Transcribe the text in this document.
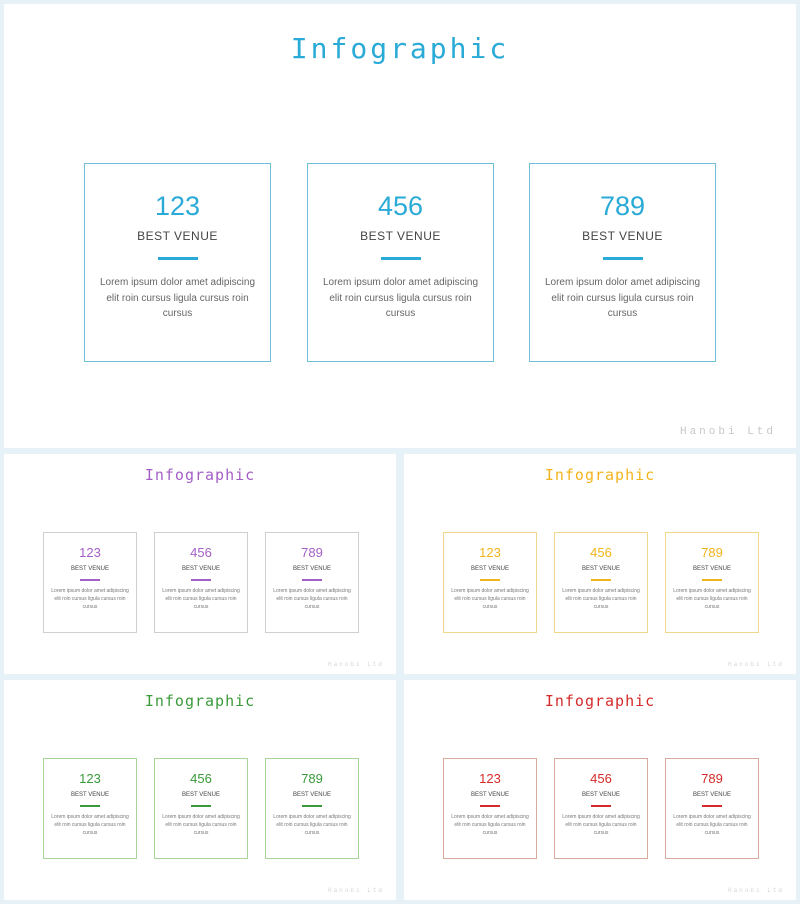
Infographic
123
BEST VENUE
Lorem ipsum dolor amet adipiscing elit roin cursus ligula cursus roin cursus
456
BEST VENUE
Lorem ipsum dolor amet adipiscing elit roin cursus ligula cursus roin cursus
789
BEST VENUE
Lorem ipsum dolor amet adipiscing elit roin cursus ligula cursus roin cursus
Hanobi Ltd
Infographic
123
BEST VENUE
Lorem ipsum dolor amet adipiscing elit roin cursus ligula cursus roin cursus
456
BEST VENUE
Lorem ipsum dolor amet adipiscing elit roin cursus ligula cursus roin cursus
789
BEST VENUE
Lorem ipsum dolor amet adipiscing elit roin cursus ligula cursus roin cursus
Hanobi Ltd
Infographic
123
BEST VENUE
Lorem ipsum dolor amet adipiscing elit roin cursus ligula cursus roin cursus
456
BEST VENUE
Lorem ipsum dolor amet adipiscing elit roin cursus ligula cursus roin cursus
789
BEST VENUE
Lorem ipsum dolor amet adipiscing elit roin cursus ligula cursus roin cursus
Hanobi Ltd
Infographic
123
BEST VENUE
Lorem ipsum dolor amet adipiscing elit roin cursus ligula cursus roin cursus
456
BEST VENUE
Lorem ipsum dolor amet adipiscing elit roin cursus ligula cursus roin cursus
789
BEST VENUE
Lorem ipsum dolor amet adipiscing elit roin cursus ligula cursus roin cursus
Hanobi Ltd
Infographic
123
BEST VENUE
Lorem ipsum dolor amet adipiscing elit roin cursus ligula cursus roin cursus
456
BEST VENUE
Lorem ipsum dolor amet adipiscing elit roin cursus ligula cursus roin cursus
789
BEST VENUE
Lorem ipsum dolor amet adipiscing elit roin cursus ligula cursus roin cursus
Hanobi Ltd
